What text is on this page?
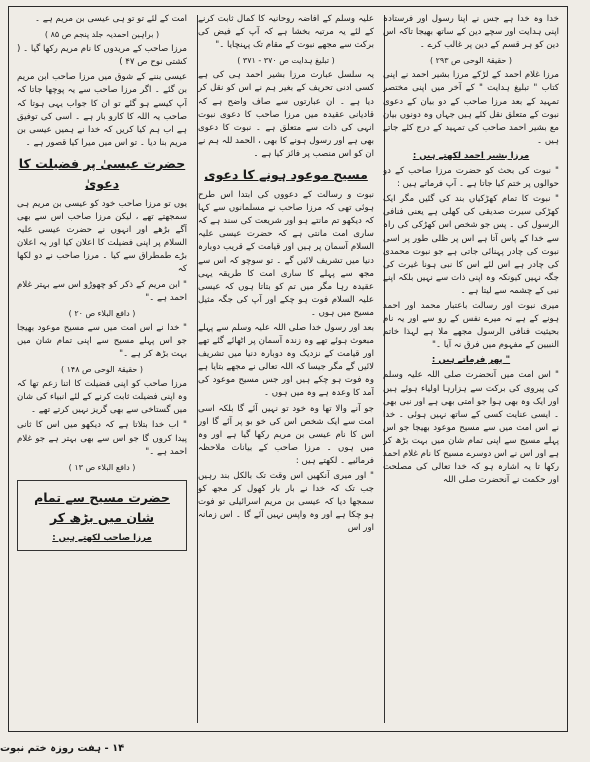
خدا وہ خدا ہے جس نے اپنا رسول اور فرستادہ اپنی ہدایت اور سچے دین کے ساتھ بھیجا تاکہ اس دین کو ہر قسم کے دین پر غالب کرے ۔

( حقیقۃ الوحی ص ۲۹۳ )

مرزا غلام احمد کے لڑکے مرزا بشیر احمد نے اپنی کتاب " تبلیغ ہدایت " کے آخر میں اپنی مختصر تمہید کے بعد مرزا صاحب کے دو بیان کے دعوی نبوت کے متعلق نقل کئے ہیں جہاں وہ دونوں بیان مع بشیر احمد صاحب کی تمہید کے درج کئے جاتے ہیں ۔

مرزا بشیر احمد لکھتے ہیں :

" نبوت کی بحث کو حضرت مرزا صاحب کے دو حوالوں پر ختم کیا جاتا ہے ۔ آپ فرماتے ہیں :

" نبوت کا تمام کھڑکیاں بند کی گئیں مگر ایک کھڑکی سیرت صدیقی کی کھلی ہے یعنی فنافی الرسول کی ۔ پس جو شخص اس کھڑکی کی راہ سے خدا کے پاس آتا ہے اس پر ظلی طور پر اسی نبوت کی چادر پہنائی جاتی ہے جو نبوت محمدی کی چادر ہے اس لئے اس کا نبی ہونا غیرت کی جگہ نہیں کیونکہ وہ اپنی ذات سے نہیں بلکہ اپنے نبی کے چشمہ سے لیتا ہے ۔

میری نبوت اور رسالت باعتبار محمد اور احمد ہونے کے ہے نہ میرے نفس کے رو سے اور یہ نام بحیثیت فنافی الرسول مجھے ملا ہے لہذا خاتم النبیین کے مفہوم میں فرق نہ آیا ۔"

" پھر فرماتے ہیں :

" اس امت میں آنحضرت صلی اللہ علیہ وسلم کی پیروی کی برکت سے ہزارہا اولیاء ہوئے ہیں اور ایک وہ بھی ہوا جو امتی بھی ہے اور نبی بھی ۔ ایسی عنایت کسی کے ساتھ نہیں ہوئی ۔ خدا نے اس امت میں سے مسیح موعود بھیجا جو اس پہلے مسیح سے اپنی تمام شان میں بہت بڑھ کر ہے اور اس نے اس دوسرے مسیح کا نام غلام احمد رکھا تا یہ اشارہ ہو کہ خدا تعالی کی مصلحت اور حکمت نے آنحضرت صلی اللہ

علیہ وسلم کے افاضہ روحانیہ کا کمال ثابت کرنے کے لئے یہ مرتبہ بخشا ہے کہ آپ کے فیض کی برکت سے مجھے نبوت کے مقام تک پہنچایا ۔"

( تبلیغ ہدایت ص ۳۷۰ - ۳۷۱ )

یہ سلسل عبارت مرزا بشیر احمد ہی کی ہے کسی ادنی تحریف کے بغیر ہم نے اس کو نقل کر دیا ہے ۔ ان عبارتوں سے صاف واضح ہے کہ قادیانی عقیدہ میں مرزا صاحب کا دعوی نبوت انہی کی ذات سے متعلق ہے ۔ نبوت کا دعوی بھی ہے اور رسول ہونے کا بھی ، الحمد للہ ہم نے ان کو اس منصب پر فائز کیا ہے ۔

مسیح موعود ہونے کا دعوی

نبوت و رسالت کے دعووں کی ابتدا اس طرح ہوئی تھی کہ مرزا صاحب نے مسلمانوں سے کہا کہ دیکھو تم مانتے ہو اور شریعت کی سند ہے کہ ساری امت مانتی ہے کہ حضرت عیسی علیہ السلام آسمان پر ہیں اور قیامت کے قریب دوبارہ دنیا میں تشریف لائیں گے ۔ تو سوچو کہ اس سے مجھ سے پہلے کا ساری امت کا طریقہ یہی عقیدہ رہا مگر میں تم کو بتاتا ہوں کہ عیسی علیہ السلام فوت ہو چکے اور آپ کی جگہ مثیل مسیح میں ہوں ۔

بعد اور رسول خدا صلی اللہ علیہ وسلم سے پہلے مبعوث ہوئے تھے وہ زندہ آسمان پر اٹھائے گئے تھے اور قیامت کے نزدیک وہ دوبارہ دنیا میں تشریف لائیں گے مگر جیسا کہ اللہ تعالی نے مجھے بتایا ہے وہ فوت ہو چکے ہیں اور جس مسیح موعود کی آمد کا وعدہ ہے وہ میں ہوں ۔

جو آنے والا تھا وہ خود تو نہیں آئے گا بلکہ اسی امت سے ایک شخص اس کی خو بو پر آئے گا اور اس کا نام عیسی بن مریم رکھا گیا ہے اور وہ میں ہوں ۔ مرزا صاحب کے بیانات ملاحظہ فرمائیے ۔ لکھتے ہیں :

" اور میری آنکھیں اس وقت تک بالکل بند رہیں جب تک کہ خدا نے بار بار کھول کر مجھ کو سمجھا دیا کہ عیسی بن مریم اسرائیلی تو فوت ہو چکا ہے اور وہ واپس نہیں آئے گا ۔ اس زمانہ اور اس

امت کے لئے تو تو ہی عیسی بن مریم ہے ۔

( براہین احمدیہ جلد پنجم ص ۸۵ )

مرزا صاحب کے مریدوں کا نام مریم رکھا گیا ۔ ( کشتی نوح ص ۴۷ )

عیسی بننے کے شوق میں مرزا صاحب ابن مریم بن گئے ۔ اگر مرزا صاحب سے یہ پوچھا جاتا کہ آپ کیسے ہو گئے تو ان کا جواب یہی ہوتا کہ صاحب یہ اللہ کا کارو بار ہے ۔ اسی کی توفیق ہے اب ہم کیا کریں کہ خدا نے ہمیں عیسی بن مریم بنا دیا ۔ تو اس میں میرا کیا قصور ہے ۔

حضرت عیسیٰ پر فضیلت کا دعویٰ

یوں تو مرزا صاحب خود کو عیسی بن مریم ہی سمجھتے تھے ، لیکن مرزا صاحب اس سے بھی آگے بڑھے اور انہوں نے حضرت عیسی علیہ السلام پر اپنی فضیلت کا اعلان کیا اور یہ اعلان بڑے طمطراق سے کیا ۔ مرزا صاحب نے دو لکھا کہ

" ابن مریم کے ذکر کو چھوڑو اس سے بہتر غلام احمد ہے ۔"

( دافع البلاء ص ۲۰ )

" خدا نے اس امت میں سے مسیح موعود بھیجا جو اس پہلے مسیح سے اپنی تمام شان میں بہت بڑھ کر ہے ۔"

( حقیقۃ الوحی ص ۱۴۸ )

مرزا صاحب کو اپنی فضیلت کا اتنا زعم تھا کہ وہ اپنی فضیلت ثابت کرنے کے لئے انبیاء کی شان میں گستاخی سے بھی گریز نہیں کرتے تھے ۔

" اب خدا بتلاتا ہے کہ دیکھو میں اس کا ثانی پیدا کروں گا جو اس سے بھی بہتر ہے جو غلام احمد ہے ۔"

( دافع البلاء ص ۱۳ )

حضرت مسیح سے تمام شان میں بڑھ کر
مرزا صاحب لکھتے ہیں :
۱۴ - ہفت روزہ ختم نبوت
